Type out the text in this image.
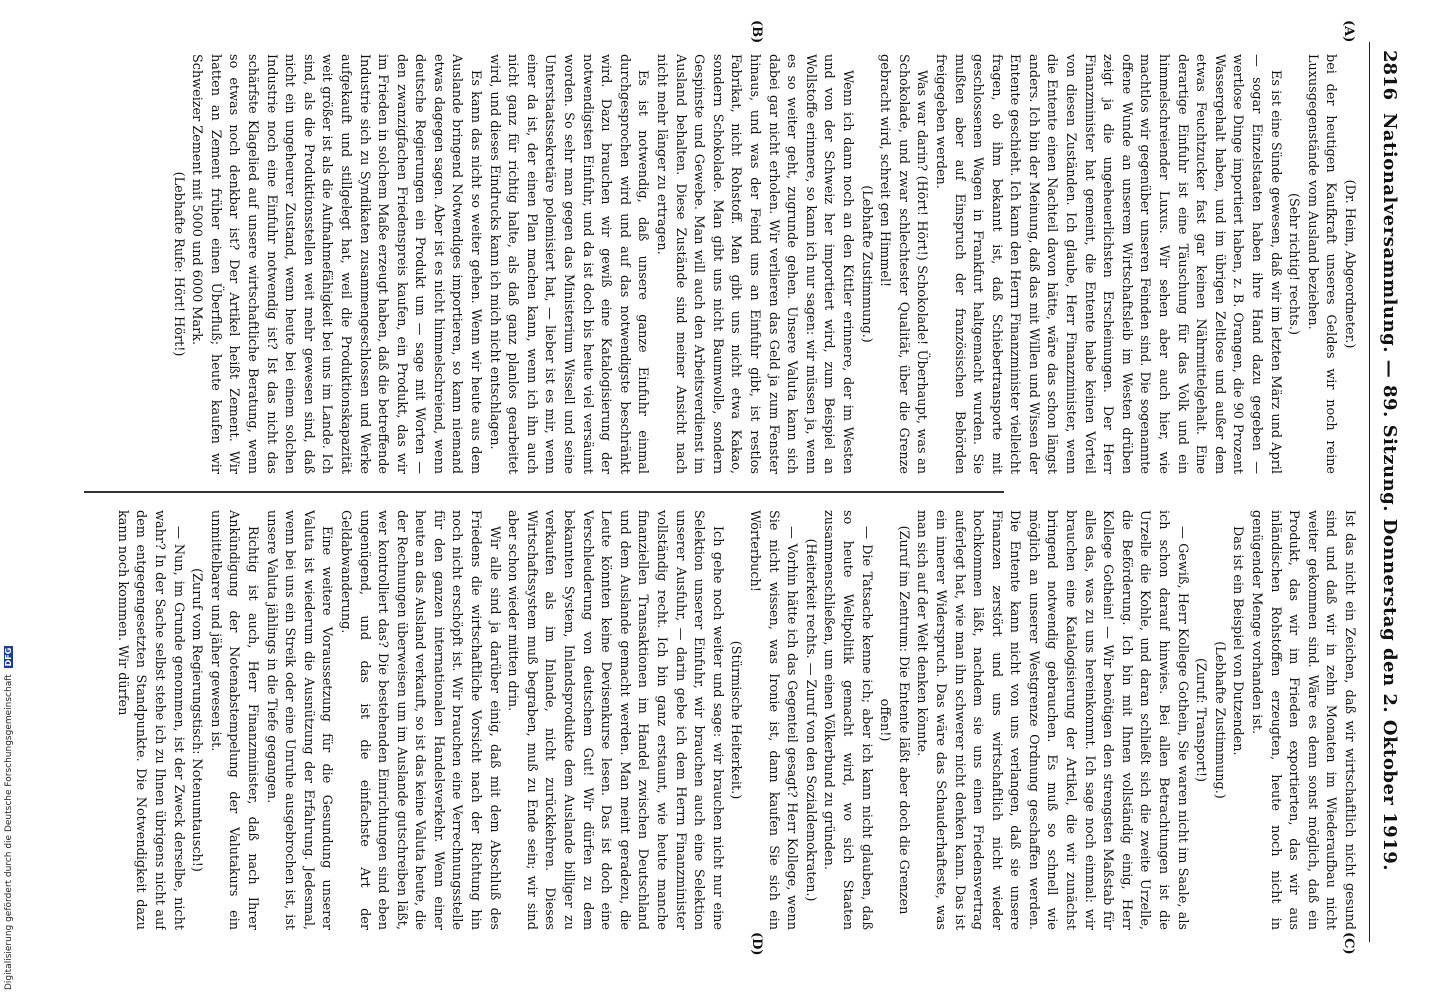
2816
Nationalversammlung. — 89. Sitzung. Donnerstag den 2. Oktober 1919.
(A)
(B)
(C)
(D)

(Dr. Heim, Abgeordneter.)

bei der heutigen Kaufkraft unseres Geldes wir noch reine Luxusgegenstände vom Ausland beziehen.

(Sehr richtig! rechts.)

Es ist eine Sünde gewesen, daß wir im letzten März und April — sogar Einzelstaaten haben ihre Hand dazu gegeben — wertlose Dinge importiert haben, z. B. Orangen, die 90 Prozent Wassergehalt haben, und im übrigen Zeltlose und außer dem etwas Feuchtzucker fast gar keinen Nährmittelgehalt. Eine derartige Einfuhr ist eine Täuschung für das Volk und ein himmelschreiender Luxus. Wir sehen aber auch hier, wie machtlos wir gegenüber unseren Feinden sind. Die sogenannte offene Wunde an unserem Wirtschaftsleib im Westen drüben zeigt ja die ungeheuerlichsten Erscheinungen. Der Herr Finanzminister hat gemeint, die Entente habe keinen Vorteil von diesen Zuständen. Ich glaube, Herr Finanzminister, wenn die Entente einen Nachteil davon hätte, wäre das schon längst anders. Ich bin der Meinung, daß das mit Willen und Wissen der Entente geschieht. Ich kann den Herrn Finanzminister vielleicht fragen, ob ihm bekannt ist, daß Schiebertransporte mit geschlossenen Wagen in Frankfurt haltgemacht wurden. Sie mußten aber auf Einspruch der französischen Behörden freigegeben werden.

Was war darin? (Hört! Hört!) Schokolade! Überhaupt, was an Schokolade, und zwar schlechtester Qualität, über die Grenze gebracht wird, schreit gen Himmel!

(Lebhafte Zustimmung.)

Wenn ich dann noch an den Kittler erinnere, der im Westen und von der Schweiz her importiert wird, zum Beispiel an Wollstoffe erinnere, so kann ich nur sagen: wir müssen ja, wenn es so weiter geht, zugrunde gehen. Unsere Valuta kann sich dabei gar nicht erholen. Wir verlieren das Geld ja zum Fenster hinaus, und was der Feind uns an Einfuhr gibt, ist restlos Fabrikat, nicht Rohstoff. Man gibt uns nicht etwa Kakao, sondern Schokolade. Man gibt uns nicht Baumwolle, sondern Gespinste und Gewebe. Man will auch den Arbeitsverdienst im Ausland behalten. Diese Zustände sind meiner Ansicht nach nicht mehr länger zu ertragen.

Es ist notwendig, daß unsere ganze Einfuhr einmal durchgesprochen wird und auf das notwendigste beschränkt wird. Dazu brauchen wir gewiß eine Katalogisierung der notwendigsten Einfuhr, und da ist doch bis heute viel versäumt worden. So sehr man gegen das Ministerium Wissell und seine Unterstaatssekretäre polemisiert hat, — lieber ist es mir, wenn einer da ist, der einen Plan machen kann, wenn ich ihn auch nicht ganz für richtig halte, als daß ganz planlos gearbeitet wird, und dieses Eindrucks kann ich mich nicht entschlagen.

Es kann das nicht so weiter gehen. Wenn wir heute aus dem Auslande bringend Notwendiges importieren, so kann niemand etwas dagegen sagen. Aber ist es nicht himmelschreiend, wenn deutsche Regierungen ein Produkt um — sage mit Worten — den zwanzigfachen Friedenspreis kaufen, ein Produkt, das wir im Frieden in solchem Maße erzeugt haben, daß die betreffende Industrie sich zu Syndikaten zusammengeschlossen und Werke aufgekauft und stillgelegt hat, weil die Produktionskapazität weit größer ist als die Aufnahmefähigkeit bei uns im Lande. Ich sind, als die Produktionsstellen weit mehr gewesen sind, daß nicht ein ungeheurer Zustand, wenn heute bei einem solchen Industrie noch eine Einfuhr notwendig ist? Ist das nicht das schärfste Klagelied auf unsere wirtschaftliche Beratung, wenn so etwas noch denkbar ist? Der Artikel heißt Zement. Wir hatten an Zement früher einen Überfluß; heute kaufen wir Schweizer Zement mit 5000 und 6000 Mark.

(Lebhafte Rufe: Hört! Hört!)

Ist das nicht ein Zeichen, daß wir wirtschaftlich nicht gesund sind und daß wir in zehn Monaten im Wiederaufbau nicht weiter gekommen sind. Wäre es denn sonst möglich, daß ein Produkt, das wir im Frieden exportierten, das wir aus inländischen Rohstoffen erzeugten, heute noch nicht in genügender Menge vorhanden ist.

Das ist ein Beispiel von Dutzenden.

(Lebhafte Zustimmung.)

(Zuruf: Transport!)

— Gewiß, Herr Kollege Gothein, Sie waren nicht im Saale, als ich schon darauf hinwies. Bei allen Betrachtungen ist die Urzelle die Kohle, und daran schließt sich die zweite Urzelle, die Beförderung. Ich bin mit Ihnen vollständig einig, Herr Kollege Gothein! — Wir benötigen den strengsten Maßstab für alles das, was zu uns hereinkommt. Ich sage noch einmal: wir brauchen eine Katalogisierung der Artikel, die wir zunächst bringend notwendig gebrauchen. Es muß so schnell wie möglich an unserer Westgrenze Ordnung geschaffen werden. Die Entente kann nicht von uns verlangen, daß sie unsere Finanzen zerstört und uns wirtschaftlich nicht wieder hochkommen läßt, nachdem sie uns einen Friedensvertrag auferlegt hat, wie man ihn schwerer nicht denken kann. Das ist ein innerer Widerspruch. Das wäre das Schauderhafteste, was man sich auf der Welt denken könnte.

(Zuruf im Zentrum: Die Entente läßt aber doch die Grenzen offen!)

— Die Tatsache kenne ich; aber ich kann nicht glauben, daß so heute Weltpolitik gemacht wird, wo sich Staaten zusammenschließen, um einen Völkerbund zu gründen.

(Heiterkeit rechts. — Zuruf von den Sozialdemokraten.)

— Vorhin hätte ich das Gegenteil gesagt? Herr Kollege, wenn Sie nicht wissen, was Ironie ist, dann kaufen Sie sich ein Wörterbuch!

(Stürmische Heiterkeit.)

Ich gehe noch weiter und sage: wir brauchen nicht nur eine Selektion unserer Einfuhr, wir brauchen auch eine Selektion unserer Ausfuhr, — darin gebe ich dem Herrn Finanzminister vollständig recht. Ich bin ganz erstaunt, wie heute manche finanziellen Transaktionen im Handel zwischen Deutschland und dem Auslande gemacht werden. Man meint geradezu, die Leute könnten keine Devisenkurse lesen. Das ist doch eine Verschleuderung von deutschem Gut! Wir dürfen zu dem bekannten System, Inlandsprodukte dem Auslande billiger zu verkaufen als im Inlande, nicht zurückkehren. Dieses Wirtschaftssystem muß begraben, muß zu Ende sein; wir sind aber schon wieder mitten drin.

Wir alle sind ja darüber einig, daß mit dem Abschluß des Friedens die wirtschaftliche Vorsicht nach der Richtung hin noch nicht erschöpft ist. Wir brauchen eine Verrechnungsstelle für den ganzen internationalen Handelsverkehr. Wenn einer heute an das Ausland verkauft, so ist das keine Valuta heute, die der Rechnungen überweisen um im Auslande gutschreiben läßt, wer kontrolliert das? Die bestehenden Einrichtungen sind eben ungenügend, und das ist die einfachste Art der Geldabwanderung.

Eine weitere Voraussetzung für die Gesundung unserer Valuta ist wiederum die Ausnützung der Erfahrung. Jedesmal, wenn bei uns ein Streik oder eine Unruhe ausgebrochen ist, ist unsere Valuta jählings in die Tiefe gegangen.

Richtig ist auch, Herr Finanzminister, daß nach Ihrer Ankündigung der Notenabstempelung der Valutakurs ein unmittelbarer und jäher gewesen ist.

(Zuruf vom Regierungstisch: Notenumtausch!)

— Nun, im Grunde genommen, ist der Zweck derselbe, nicht wahr? In der Sache selbst stehe ich zu Ihnen übrigens nicht auf dem entgegengesetzten Standpunkte. Die Notwendigkeit dazu kann noch kommen. Wir dürfen

Digitalisierung gefördert durch die Deutsche Forschungsgemeinschaft DFG
